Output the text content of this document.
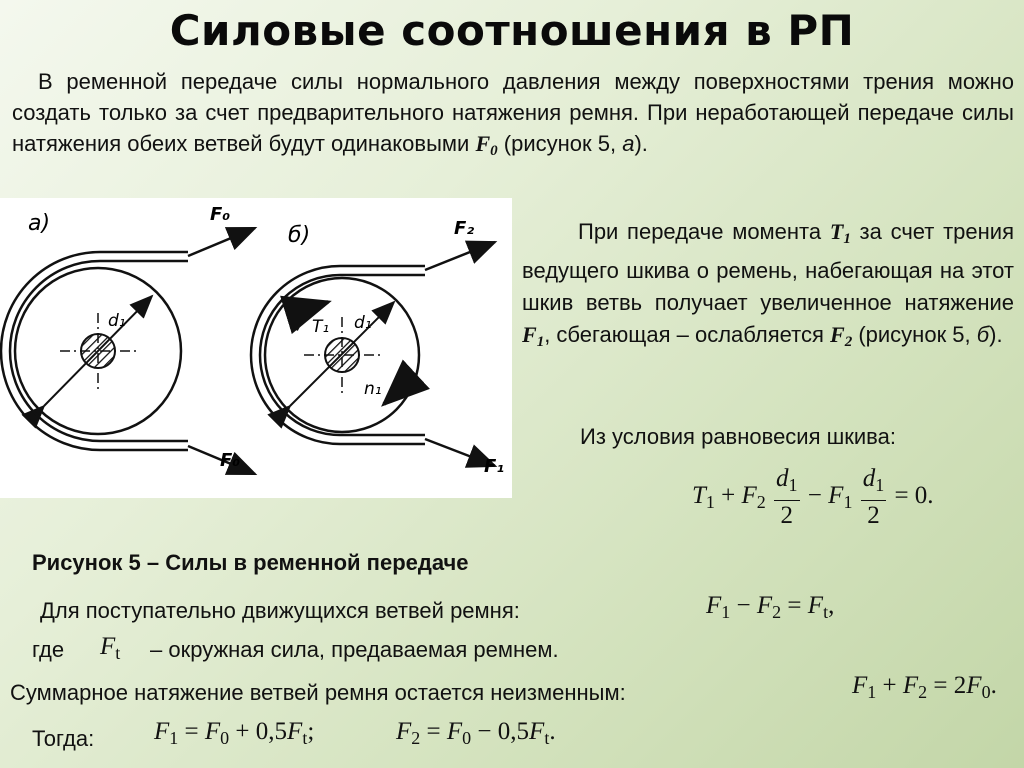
Силовые соотношения в РП
В ременной передаче силы нормального давления между поверхностями трения можно создать только за счет предварительного натяжения ремня. При неработающей передаче силы натяжения обеих ветвей будут одинаковыми $F_0$ (рисунок 5, а).
а)	F₀
F₀
d₁
б)	F₂
F₁
d₁
T₁
n₁
При передаче момента $T_1$ за счет трения ведущего шкива о ремень, набегающая на этот шкив ветвь получает увеличенное натяжение $F_1$, сбегающая – ослабляется $F_2$ (рисунок 5, б).
Из условия равновесия шкива:
$T_1 + F_2 \frac{d_1}{2} - F_1 \frac{d_1}{2} = 0$.
Рисунок 5 – Силы в ременной передаче
Для поступательно движущихся ветвей ремня:	$F_1 - F_2 = F_t$,
где $F_t$ – окружная сила, предаваемая ремнем.
Суммарное натяжение ветвей ремня остается неизменным:	$F_1 + F_2 = 2F_0$.
Тогда: $F_1 = F_0 + 0,5F_t$;	$F_2 = F_0 - 0,5F_t$.
